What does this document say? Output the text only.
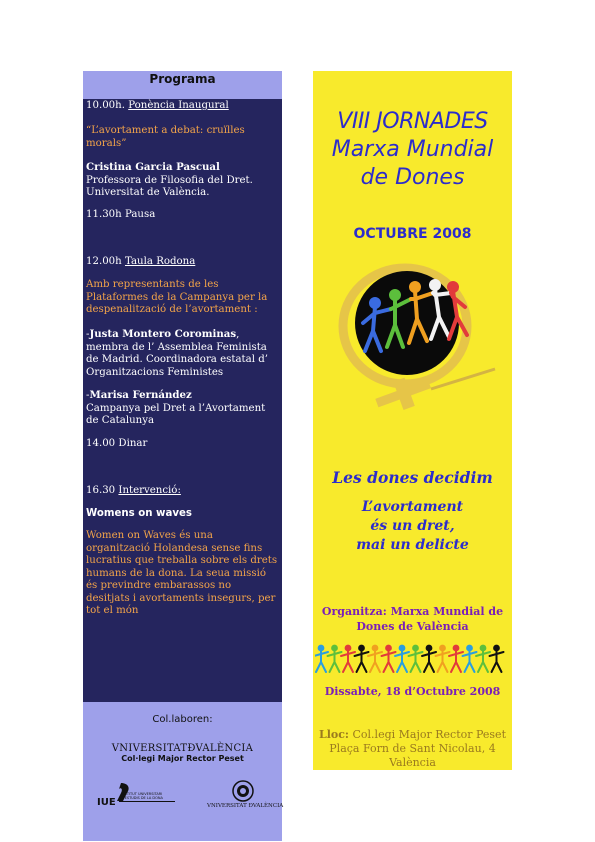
Programa

10.00h. Ponència Inaugural

“L’avortament a debat: cruïlles morals”

Cristina Garcia Pascual
Professora de Filosofia del Dret. Universitat de València.

11.30h Pausa

12.00h Taula Rodona

Amb representants de les Plataformes de la Campanya per la despenalització de l’avortament :

-Justa Montero Corominas, membra de l’ Assemblea Feminista de Madrid. Coordinadora estatal d’ Organitzacions Feministes

-Marisa Fernández
Campanya pel Dret a l’Avortament de Catalunya

14.00 Dinar

16.30 Intervenció:

Womens on waves

Women on Waves és una organització Holandesa sense fins lucratius que treballa sobre els drets humans de la dona. La seua missió és previndre embarassos no desitjats i avortaments insegurs, per tot el món

Col.laboren:
VNIVERSITATĐVALÈNCIA
Col·legi Major Rector Peset
IUE
INSTITUT UNIVERSITARI D'ESTUDIS DE LA DONA
VNIVERSITAT ĐVALÈNCIA
VIII JORNADES
Marxa Mundial
de Dones
OCTUBRE 2008
Les dones decidim
L’avortament
és un dret,
mai un delicte
Organitza: Marxa Mundial de Dones de València
Dissabte, 18 d’Octubre 2008
Lloc: Col.legi Major Rector Peset
Plaça Forn de Sant Nicolau, 4
València
